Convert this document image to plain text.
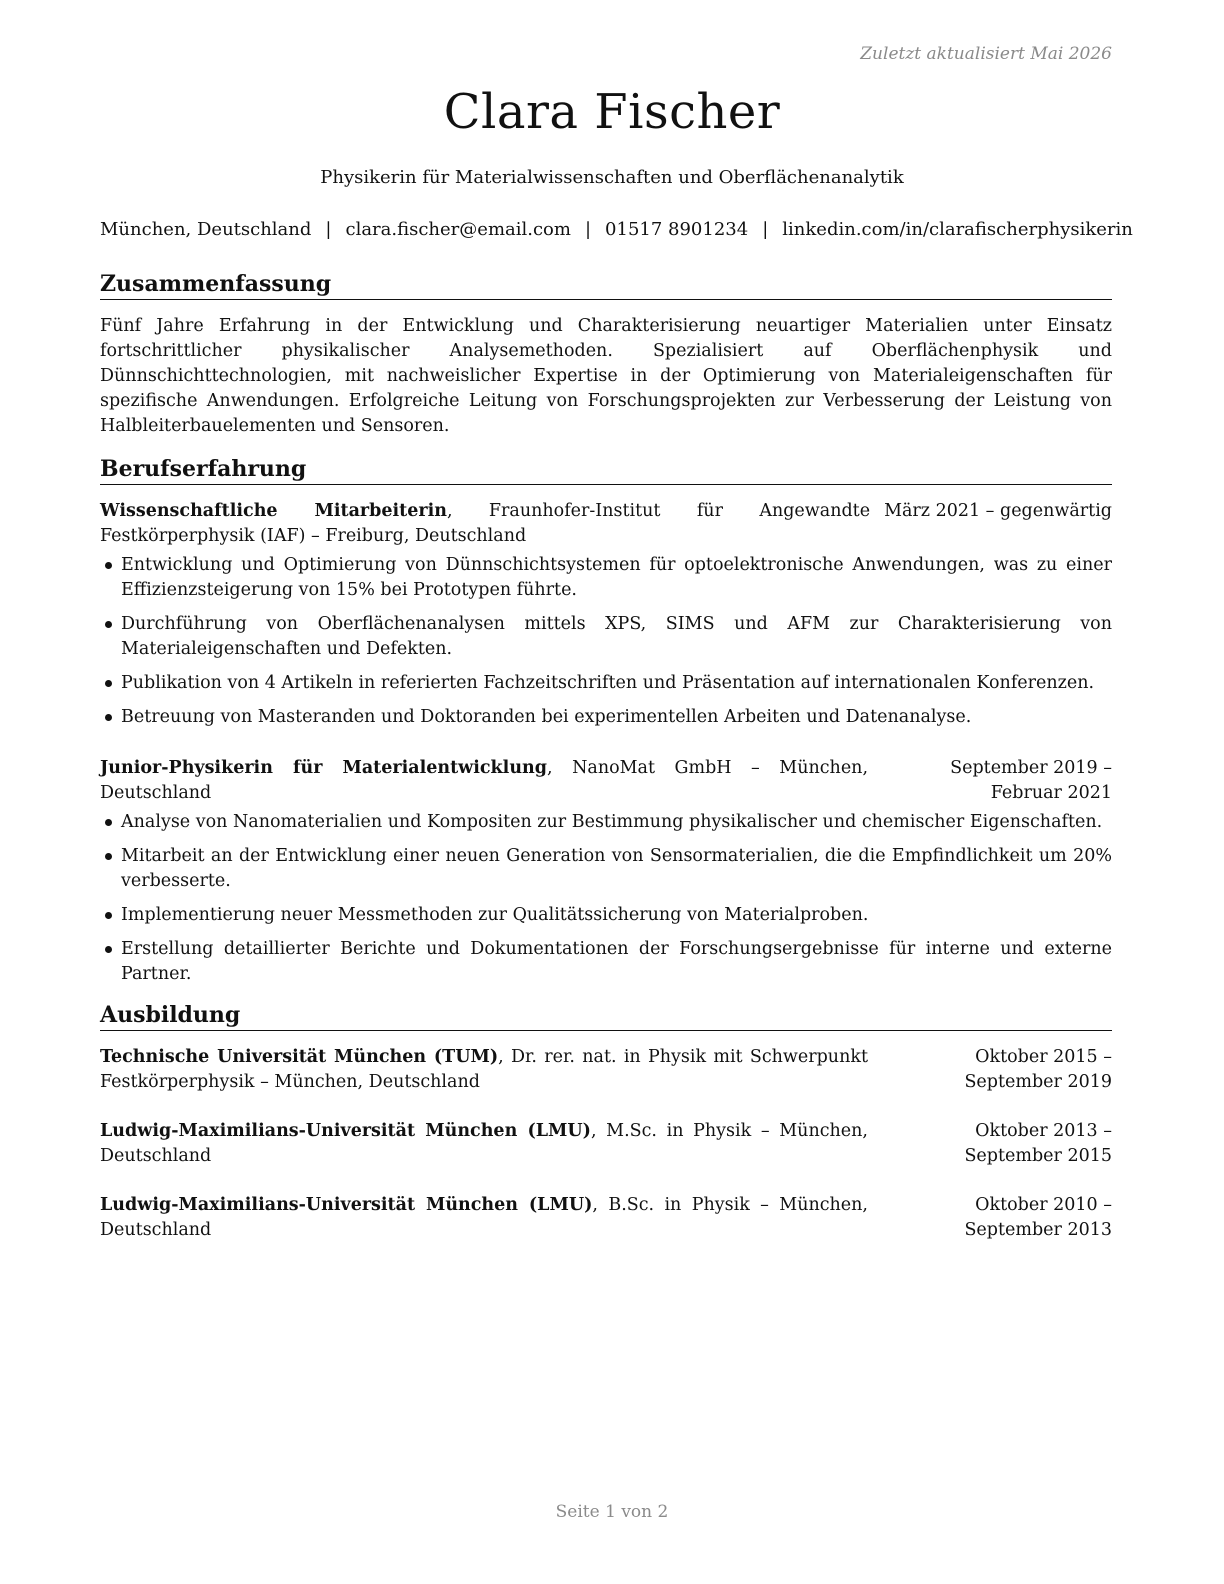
Zuletzt aktualisiert Mai 2026
Clara Fischer
Physikerin für Materialwissenschaften und Oberflächenanalytik
München, Deutschland | clara.fischer@email.com | 01517 8901234 | linkedin.com/in/clarafischerphysikerin
Zusammenfassung

Fünf Jahre Erfahrung in der Entwicklung und Charakterisierung neuartiger Materialien unter Einsatz fortschrittlicher physikalischer Analysemethoden. Spezialisiert auf Oberflächenphysik und Dünnschichttechnologien, mit nachweislicher Expertise in der Optimierung von Materialeigenschaften für spezifische Anwendungen. Erfolgreiche Leitung von Forschungsprojekten zur Verbesserung der Leistung von Halbleiterbauelementen und Sensoren.

Berufserfahrung
Wissenschaftliche Mitarbeiterin, Fraunhofer-Institut für Angewandte Festkörperphysik (IAF) – Freiburg, Deutschland
März 2021 – gegenwärtig
Entwicklung und Optimierung von Dünnschichtsystemen für optoelektronische Anwendungen, was zu einer Effizienzsteigerung von 15% bei Prototypen führte.
Durchführung von Oberflächenanalysen mittels XPS, SIMS und AFM zur Charakterisierung von Materialeigenschaften und Defekten.
Publikation von 4 Artikeln in referierten Fachzeitschriften und Präsentation auf internationalen Konferenzen.
Betreuung von Masteranden und Doktoranden bei experimentellen Arbeiten und Datenanalyse.
Junior-Physikerin für Materialentwicklung, NanoMat GmbH – München, Deutschland
September 2019 – Februar 2021
Analyse von Nanomaterialien und Kompositen zur Bestimmung physikalischer und chemischer Eigenschaften.
Mitarbeit an der Entwicklung einer neuen Generation von Sensormaterialien, die die Empfindlichkeit um 20% verbesserte.
Implementierung neuer Messmethoden zur Qualitätssicherung von Materialproben.
Erstellung detaillierter Berichte und Dokumentationen der Forschungsergebnisse für interne und externe Partner.
Ausbildung
Technische Universität München (TUM), Dr. rer. nat. in Physik mit Schwerpunkt Festkörperphysik – München, Deutschland
Oktober 2015 – September 2019
Ludwig-Maximilians-Universität München (LMU), M.Sc. in Physik – München, Deutschland
Oktober 2013 – September 2015
Ludwig-Maximilians-Universität München (LMU), B.Sc. in Physik – München, Deutschland
Oktober 2010 – September 2013
Seite 1 von 2
